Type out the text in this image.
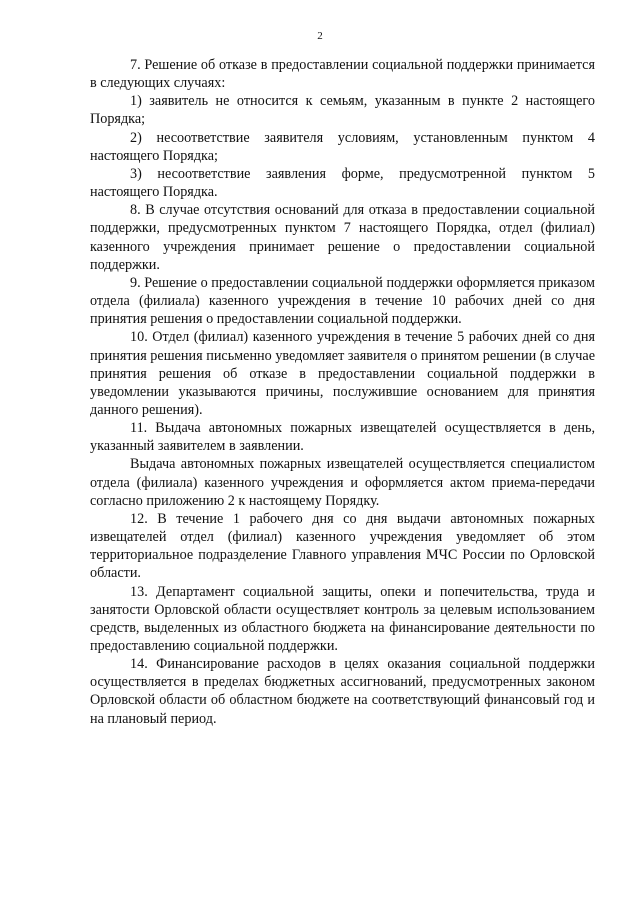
2

7. Решение об отказе в предоставлении социальной поддержки принимается в следующих случаях:

1) заявитель не относится к семьям, указанным в пункте 2 настоящего Порядка;

2) несоответствие заявителя условиям, установленным пунктом 4 настоящего Порядка;

3) несоответствие заявления форме, предусмотренной пунктом 5 настоящего Порядка.

8. В случае отсутствия оснований для отказа в предоставлении социальной поддержки, предусмотренных пунктом 7 настоящего Порядка, отдел (филиал) казенного учреждения принимает решение о предоставлении социальной поддержки.

9. Решение о предоставлении социальной поддержки оформляется приказом отдела (филиала) казенного учреждения в течение 10 рабочих дней со дня принятия решения о предоставлении социальной поддержки.

10. Отдел (филиал) казенного учреждения в течение 5 рабочих дней со дня принятия решения письменно уведомляет заявителя о принятом решении (в случае принятия решения об отказе в предоставлении социальной поддержки в уведомлении указываются причины, послужившие основанием для принятия данного решения).

11. Выдача автономных пожарных извещателей осуществляется в день, указанный заявителем в заявлении.

Выдача автономных пожарных извещателей осуществляется специалистом отдела (филиала) казенного учреждения и оформляется актом приема-передачи согласно приложению 2 к настоящему Порядку.

12. В течение 1 рабочего дня со дня выдачи автономных пожарных извещателей отдел (филиал) казенного учреждения уведомляет об этом территориальное подразделение Главного управления МЧС России по Орловской области.

13. Департамент социальной защиты, опеки и попечительства, труда и занятости Орловской области осуществляет контроль за целевым использованием средств, выделенных из областного бюджета на финансирование деятельности по предоставлению социальной поддержки.

14. Финансирование расходов в целях оказания социальной поддержки осуществляется в пределах бюджетных ассигнований, предусмотренных законом Орловской области об областном бюджете на соответствующий финансовый год и на плановый период.
